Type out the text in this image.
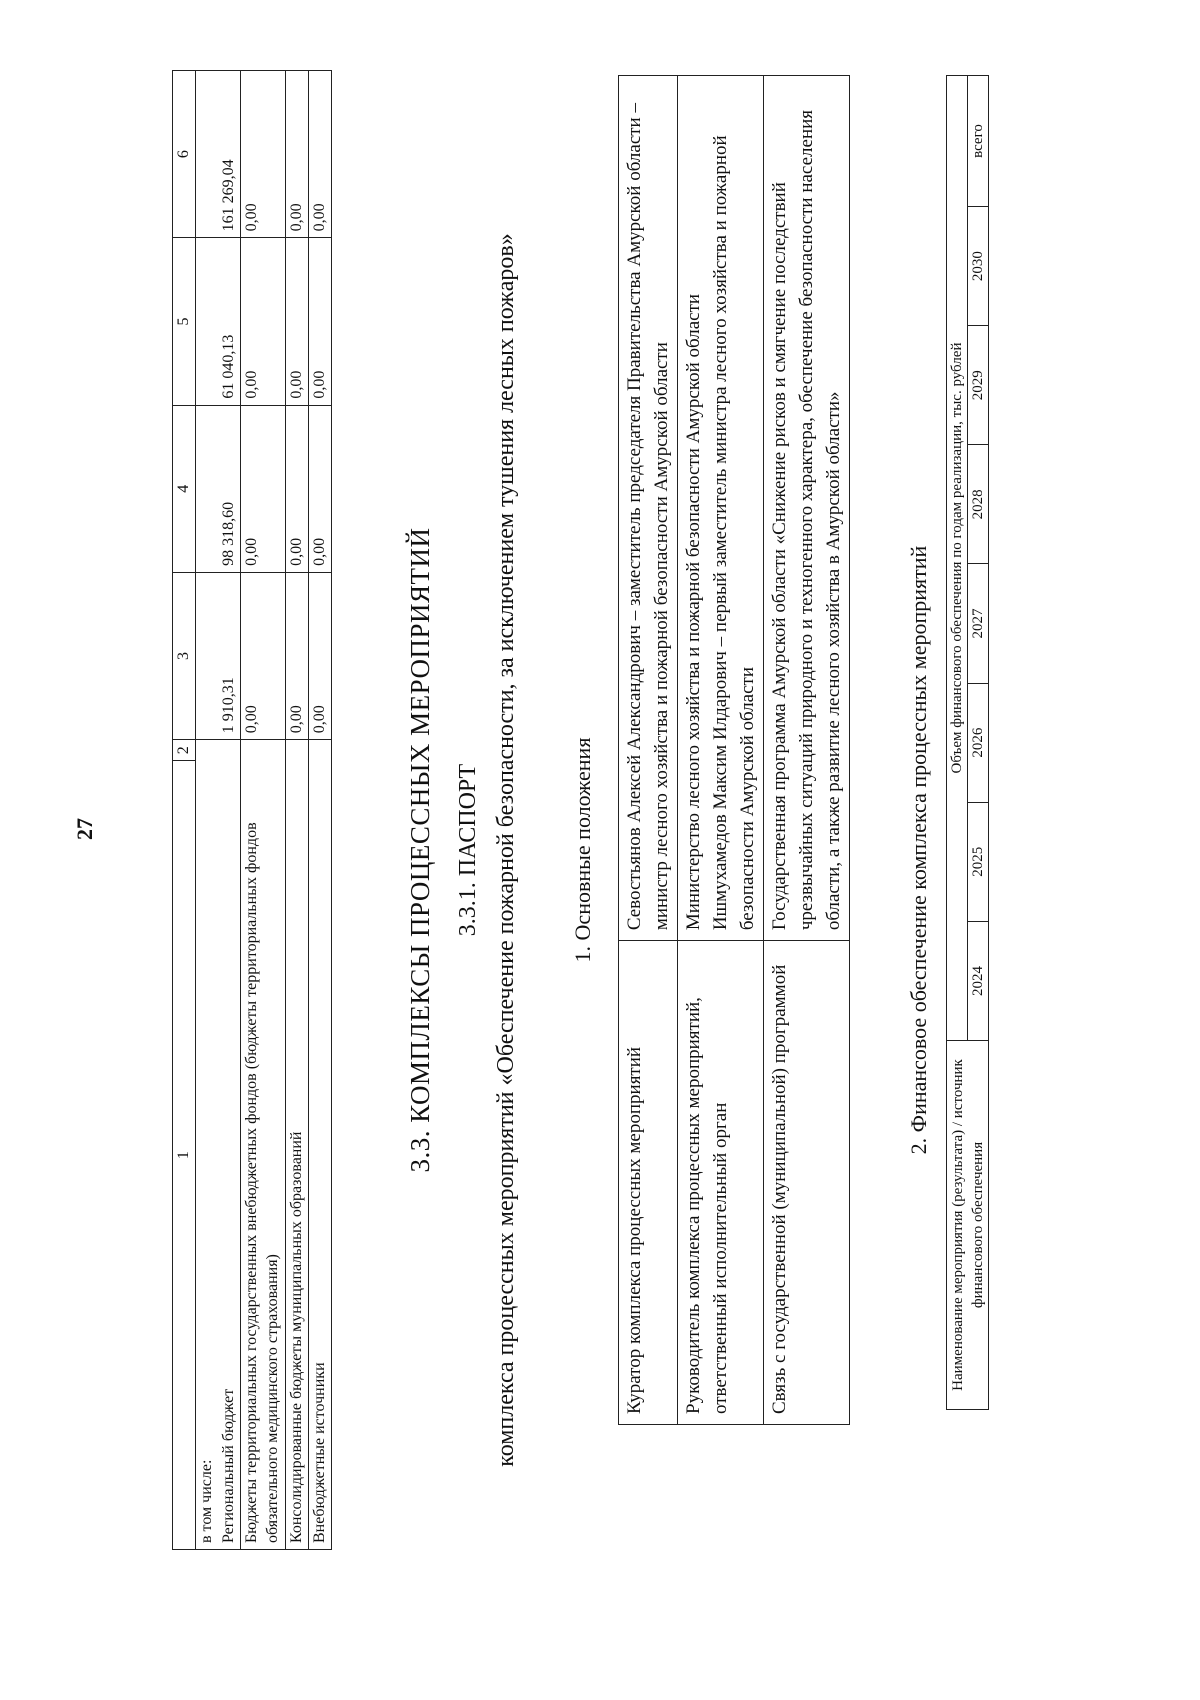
27
1	2	3	4	5	6

в том числе: Региональный бюджет		1 910,31	98 318,60	61 040,13	161 269,04
Бюджеты территориальных государственных внебюджетных фондов (бюджеты территориальных фондов обязательного медицинского страхования)		0,00	0,00	0,00	0,00
Консолидированные бюджеты муниципальных образований		0,00	0,00	0,00	0,00
Внебюджетные источники		0,00	0,00	0,00	0,00
3.3. КОМПЛЕКСЫ ПРОЦЕССНЫХ МЕРОПРИЯТИЙ 3.3.1. ПАСПОРТ комплекса процессных мероприятий «Обеспечение пожарной безопасности, за исключением тушения лесных пожаров» 1. Основные положения
Куратор комплекса процессных мероприятий	Севостьянов Алексей Александрович – заместитель председателя Правительства Амурской области – министр лесного хозяйства и пожарной безопасности Амурской области
Руководитель комплекса процессных мероприятий, ответственный исполнительный орган	Министерство лесного хозяйства и пожарной безопасности Амурской области Ишмухамедов Максим Илдарович – первый заместитель министра лесного хозяйства и пожарной безопасности Амурской области

Связь с государственной (муниципальной) программой	Государственная программа Амурской области «Снижение рисков и смягчение последствий чрезвычайных ситуаций природного и техногенного характера, обеспечение безопасности населения области, а также развитие лесного хозяйства в Амурской области»	2. Финансовое обеспечение комплекса процессных мероприятий
Наименование мероприятия (результата) / источник финансового обеспечения	Объем финансового обеспечения по годам реализации, тыс. рублей							
	2024	2025	2026	2027	2028	2029	2030	всего
